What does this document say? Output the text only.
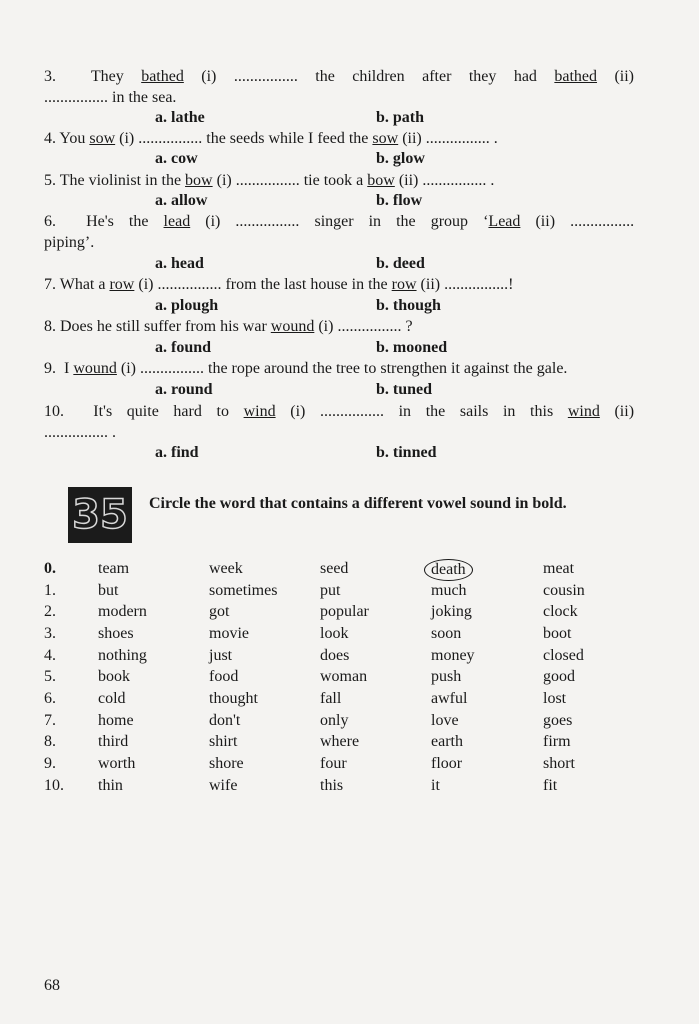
3. They bathed (i) ................ the children after they had bathed (ii)
................ in the sea.
a. lathe	b. path
4. You sow (i) ................ the seeds while I feed the sow (ii) ................ .
a. cow	b. glow
5. The violinist in the bow (i) ................ tie took a bow (ii) ................ .
a. allow	b. flow
6. He's the lead (i) ................ singer in the group ‘Lead (ii) ................
piping’.
a. head	b. deed
7. What a row (i) ................ from the last house in the row (ii) ................!
a. plough	b. though
8. Does he still suffer from his war wound (i) ................ ?
a. found	b. mooned
9. I wound (i) ................ the rope around the tree to strengthen it against the gale.
a. round	b. tuned
10. It's quite hard to wind (i) ................ in the sails in this wind (ii)
................ .
a. find	b. tinned
35 Circle the word that contains a different vowel sound in bold.
0.	team	week	seed	death	meat
1.	but	sometimes	put	much	cousin
2.	modern	got	popular	joking	clock
3.	shoes	movie	look	soon	boot
4.	nothing	just	does	money	closed
5.	book	food	woman	push	good
6.	cold	thought	fall	awful	lost
7.	home	don't	only	love	goes
8.	third	shirt	where	earth	firm
9.	worth	shore	four	floor	short
10. thin	wife	this	it	fit
68
